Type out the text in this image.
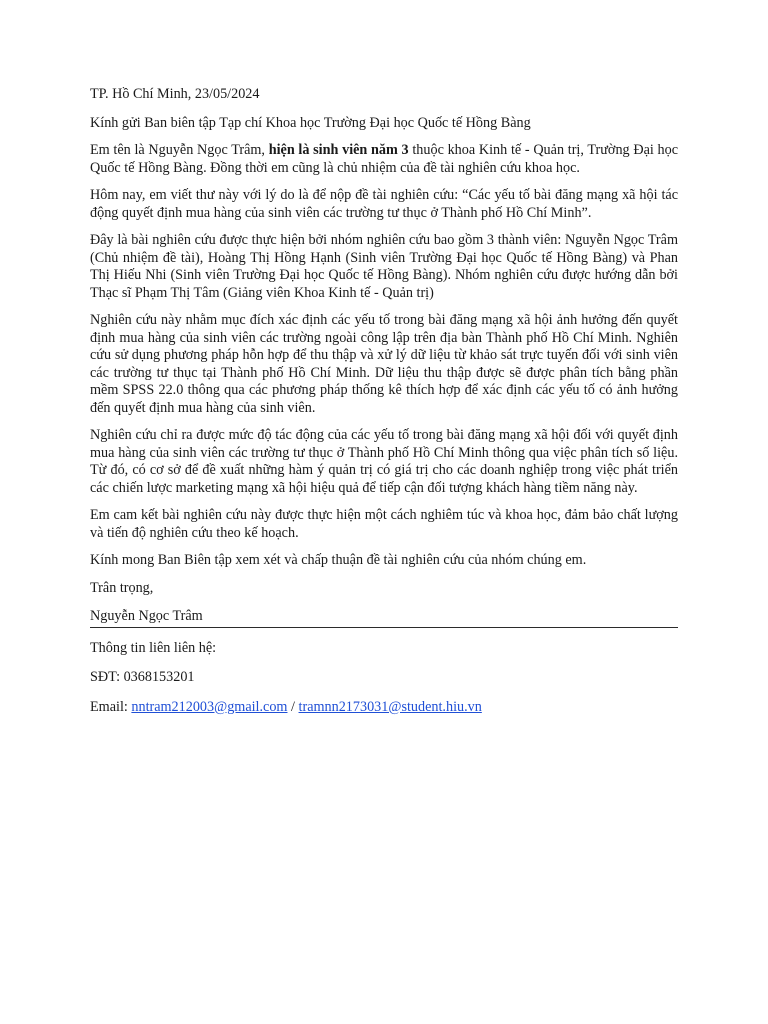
TP. Hồ Chí Minh, 23/05/2024

Kính gửi Ban biên tập Tạp chí Khoa học Trường Đại học Quốc tế Hồng Bàng

Em tên là Nguyễn Ngọc Trâm, hiện là sinh viên năm 3 thuộc khoa Kinh tế - Quản trị, Trường Đại học Quốc tế Hồng Bàng. Đồng thời em cũng là chủ nhiệm của đề tài nghiên cứu khoa học.

Hôm nay, em viết thư này với lý do là để nộp đề tài nghiên cứu: “Các yếu tố bài đăng mạng xã hội tác động quyết định mua hàng của sinh viên các trường tư thục ở Thành phố Hồ Chí Minh”.

Đây là bài nghiên cứu được thực hiện bởi nhóm nghiên cứu bao gồm 3 thành viên: Nguyễn Ngọc Trâm (Chủ nhiệm đề tài), Hoàng Thị Hồng Hạnh (Sinh viên Trường Đại học Quốc tế Hồng Bàng) và Phan Thị Hiếu Nhi (Sinh viên Trường Đại học Quốc tế Hồng Bàng). Nhóm nghiên cứu được hướng dẫn bởi Thạc sĩ Phạm Thị Tâm (Giảng viên Khoa Kinh tế - Quản trị)

Nghiên cứu này nhằm mục đích xác định các yếu tố trong bài đăng mạng xã hội ảnh hưởng đến quyết định mua hàng của sinh viên các trường ngoài công lập trên địa bàn Thành phố Hồ Chí Minh. Nghiên cứu sử dụng phương pháp hỗn hợp để thu thập và xử lý dữ liệu từ khảo sát trực tuyến đối với sinh viên các trường tư thục tại Thành phố Hồ Chí Minh. Dữ liệu thu thập được sẽ được phân tích bằng phần mềm SPSS 22.0 thông qua các phương pháp thống kê thích hợp để xác định các yếu tố có ảnh hưởng đến quyết định mua hàng của sinh viên.

Nghiên cứu chỉ ra được mức độ tác động của các yếu tố trong bài đăng mạng xã hội đối với quyết định mua hàng của sinh viên các trường tư thục ở Thành phố Hồ Chí Minh thông qua việc phân tích số liệu. Từ đó, có cơ sở để đề xuất những hàm ý quản trị có giá trị cho các doanh nghiệp trong việc phát triển các chiến lược marketing mạng xã hội hiệu quả để tiếp cận đối tượng khách hàng tiềm năng này.

Em cam kết bài nghiên cứu này được thực hiện một cách nghiêm túc và khoa học, đảm bảo chất lượng và tiến độ nghiên cứu theo kế hoạch.

Kính mong Ban Biên tập xem xét và chấp thuận đề tài nghiên cứu của nhóm chúng em.

Trân trọng,

Nguyễn Ngọc Trâm
Thông tin liên liên hệ:
SĐT: 0368153201
Email: nntram212003@gmail.com / tramnn2173031@student.hiu.vn
